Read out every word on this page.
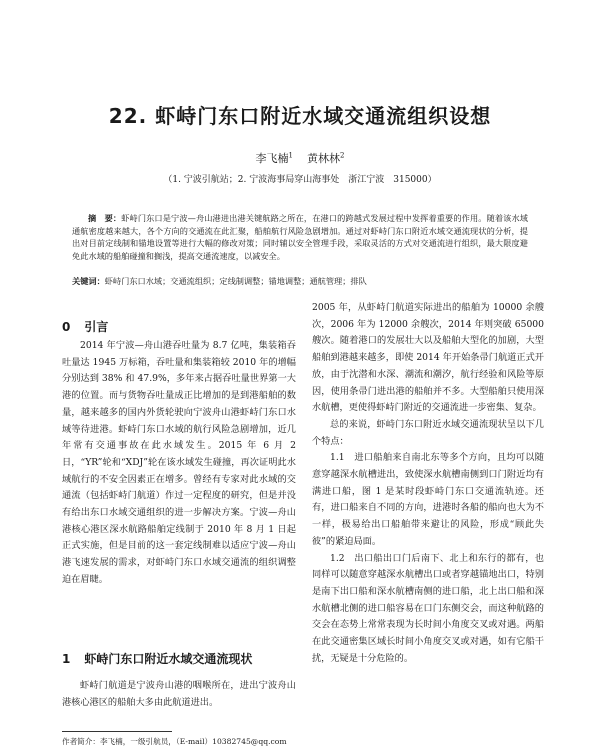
22. 虾峙门东口附近水域交通流组织设想
李飞楠$^1$ 黄林林$^2$
（1. 宁波引航站；2. 宁波海事局穿山海事处　浙江宁波　315000）

摘　要：虾峙门东口是宁波—舟山港进出港关键航路之所在，在港口的跨越式发展过程中发挥着重要的作用。随着该水域通航密度越来越大，各个方向的交通流在此汇聚，船舶航行风险急剧增加。通过对虾峙门东口附近水域交通流现状的分析，提出对目前定线制和锚地设置等进行大幅的修改对策；同时辅以安全管理手段，采取灵活的方式对交通流进行组织，最大限度避免此水域的船舶碰撞和搁浅，提高交通流速度，以减安全。

关键词：虾峙门东口水域；交通流组织；定线制调整；锚地调整；通航管理；排队
0 引言

2014 年宁波—舟山港吞吐量为 8.7 亿吨，集装箱吞吐量达 1945 万标箱，吞吐量和集装箱较 2010 年的增幅分别达到 38% 和 47.9%，多年来占据吞吐量世界第一大港的位置。而与货物吞吐量成正比增加的是到港船舶的数量，越来越多的国内外货轮驶向宁波舟山港虾峙门东口水域等待进港。虾峙门东口水域的航行风险急剧增加，近几年常有交通事故在此水域发生。2015 年 6 月 2 日，“YR”轮和“XDJ”轮在该水域发生碰撞，再次证明此水域航行的不安全因素正在增多。曾经有专家对此水域的交通流（包括虾峙门航道）作过一定程度的研究，但是并没有给出东口水域交通组织的进一步解决方案。宁波—舟山港核心港区深水航路船舶定线制于 2010 年 8 月 1 日起正式实施，但是目前的这一套定线制难以适应宁波—舟山港飞速发展的需求，对虾峙门东口水域交通流的组织调整迫在眉睫。

1 虾峙门东口附近水域交通流现状

虾峙门航道是宁波舟山港的咽喉所在，进出宁波舟山港核心港区的船舶大多由此航道进出。

2005 年，从虾峙门航道实际进出的船舶为 10000 余艘次，2006 年为 12000 余艘次，2014 年则突破 65000 艘次。随着港口的发展壮大以及船舶大型化的加剧，大型船舶到港越来越多，即使 2014 年开始条帚门航道正式开放，由于沈潜和水深、潮流和潮汐，航行经验和风险等原因，使用条帚门进出港的船舶并不多。大型船舶只使用深水航槽，更使得虾峙门附近的交通流进一步密集、复杂。

总的来说，虾峙门东口附近水域交通流现状呈以下几个特点：

1.1　进口船舶来自南北东等多个方向，且均可以随意穿越深水航槽进出，致使深水航槽南侧到口门附近均有满进口船，图 1 是某时段虾峙门东口交通流轨迹。还有，进口船来自不同的方向，进港时各船的船向也大为不一样，极易给出口船舶带来避让的风险，形成“顾此失彼”的紧迫局面。

1.2　出口船出口门后南下、北上和东行的都有，也同样可以随意穿越深水航槽出口或者穿越锚地出口，特别是南下出口船和深水航槽南侧的进口船，北上出口船和深水航槽北侧的进口船容易在口门东侧交会，而这种航路的交会在态势上常常表现为长时间小角度交叉或对遇。两船在此交通密集区域长时间小角度交叉或对遇，如有它船干扰，无疑是十分危险的。

作者简介：李飞楠，一级引航员，（E-mail）10382745@qq.com
